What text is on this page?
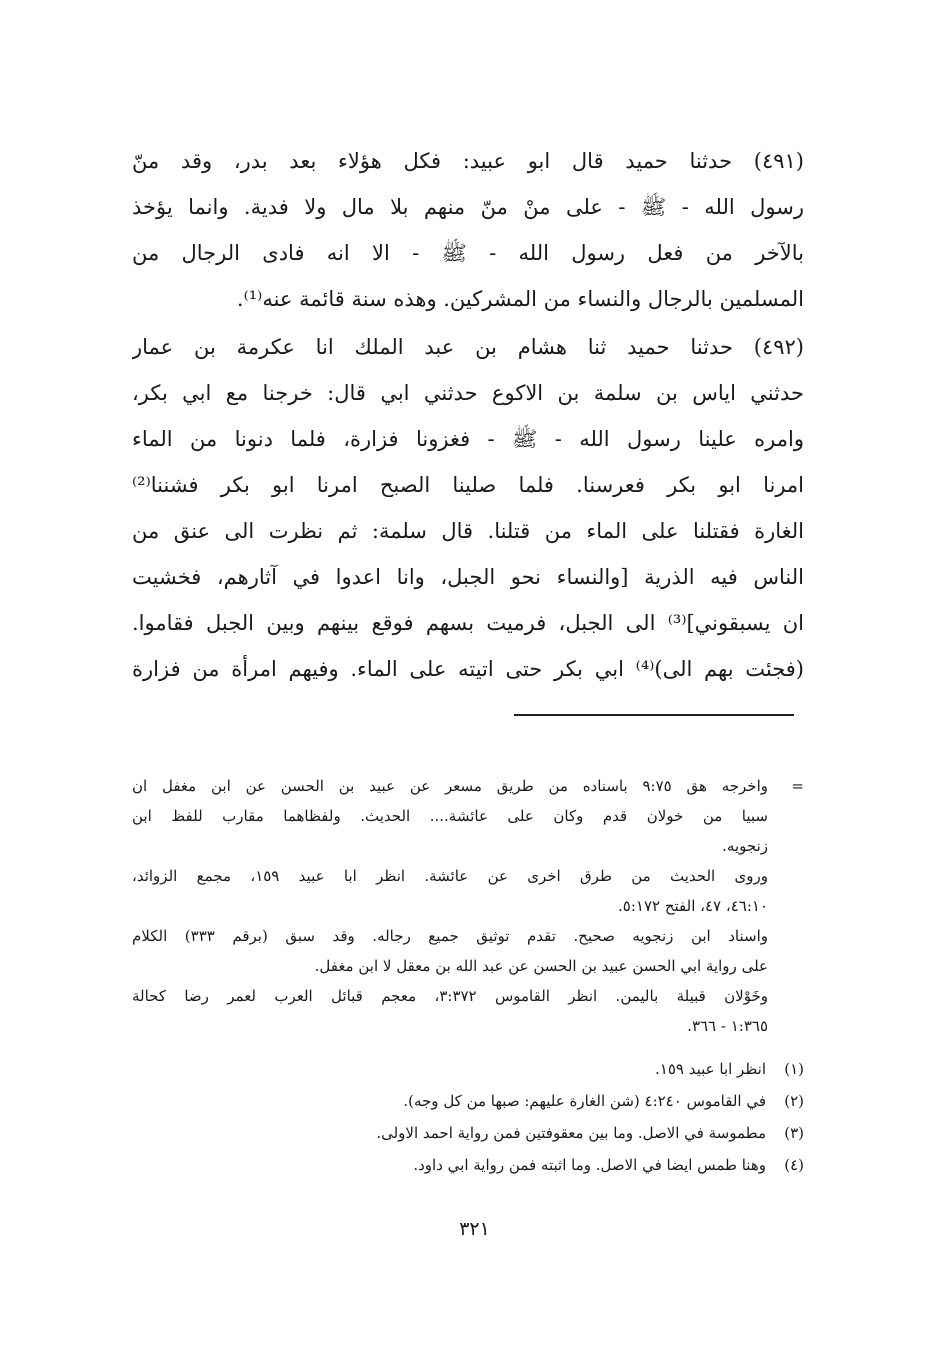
(٤٩١) حدثنا حميد قال ابو عبيد: فكل هؤلاء بعد بدر، وقد منّ
رسول الله - ﷺ - على منْ منّ منهم بلا مال ولا فدية. وانما يؤخذ
بالآخر من فعل رسول الله - ﷺ - الا انه فادى الرجال من
المسلمين بالرجال والنساء من المشركين. وهذه سنة قائمة عنه⁽¹⁾.
(٤٩٢) حدثنا حميد ثنا هشام بن عبد الملك انا عكرمة بن عمار
حدثني اياس بن سلمة بن الاكوع حدثني ابي قال: خرجنا مع ابي بكر،
وامره علينا رسول الله - ﷺ - فغزونا فزارة، فلما دنونا من الماء
امرنا ابو بكر فعرسنا. فلما صلينا الصبح امرنا ابو بكر فشننا⁽²⁾
الغارة فقتلنا على الماء من قتلنا. قال سلمة: ثم نظرت الى عنق من
الناس فيه الذرية [والنساء نحو الجبل، وانا اعدوا في آثارهم، فخشيت
ان يسبقوني]⁽³⁾ الى الجبل، فرميت بسهم فوقع بينهم وبين الجبل فقاموا.
(فجئت بهم الى)⁽⁴⁾ ابي بكر حتى اتيته على الماء. وفيهم امرأة من فزارة
=
واخرجه هق ٩:٧٥ باسناده من طريق مسعر عن عبيد بن الحسن عن ابن مغفل ان
سبيا من خولان قدم وكان على عائشة.... الحديث. ولفظاهما مقارب للفظ ابن
زنجويه.
وروى الحديث من طرق اخرى عن عائشة. انظر ابا عبيد ١٥٩، مجمع الزوائد،
٤٦:١٠، ٤٧، الفتح ٥:١٧٢.
واسناد ابن زنجويه صحيح. تقدم توثيق جميع رجاله. وقد سبق (برقم ٣٣٣) الكلام
على رواية ابي الحسن عبيد بن الحسن عن عبد الله بن معقل لا ابن مغفل.
وخَوْلان قبيلة باليمن. انظر القاموس ٣:٣٧٢، معجم قبائل العرب لعمر رضا كحالة
١:٣٦٥ - ٣٦٦.
(١)
انظر ابا عبيد ١٥٩.
(٢)
في القاموس ٤:٢٤٠ (شن الغارة عليهم: صبها من كل وجه).
(٣)
مطموسة في الاصل. وما بين معقوفتين فمن رواية احمد الاولى.
(٤)
وهنا طمس ايضا في الاصل. وما اثبته فمن رواية ابي داود.
٣٢١
